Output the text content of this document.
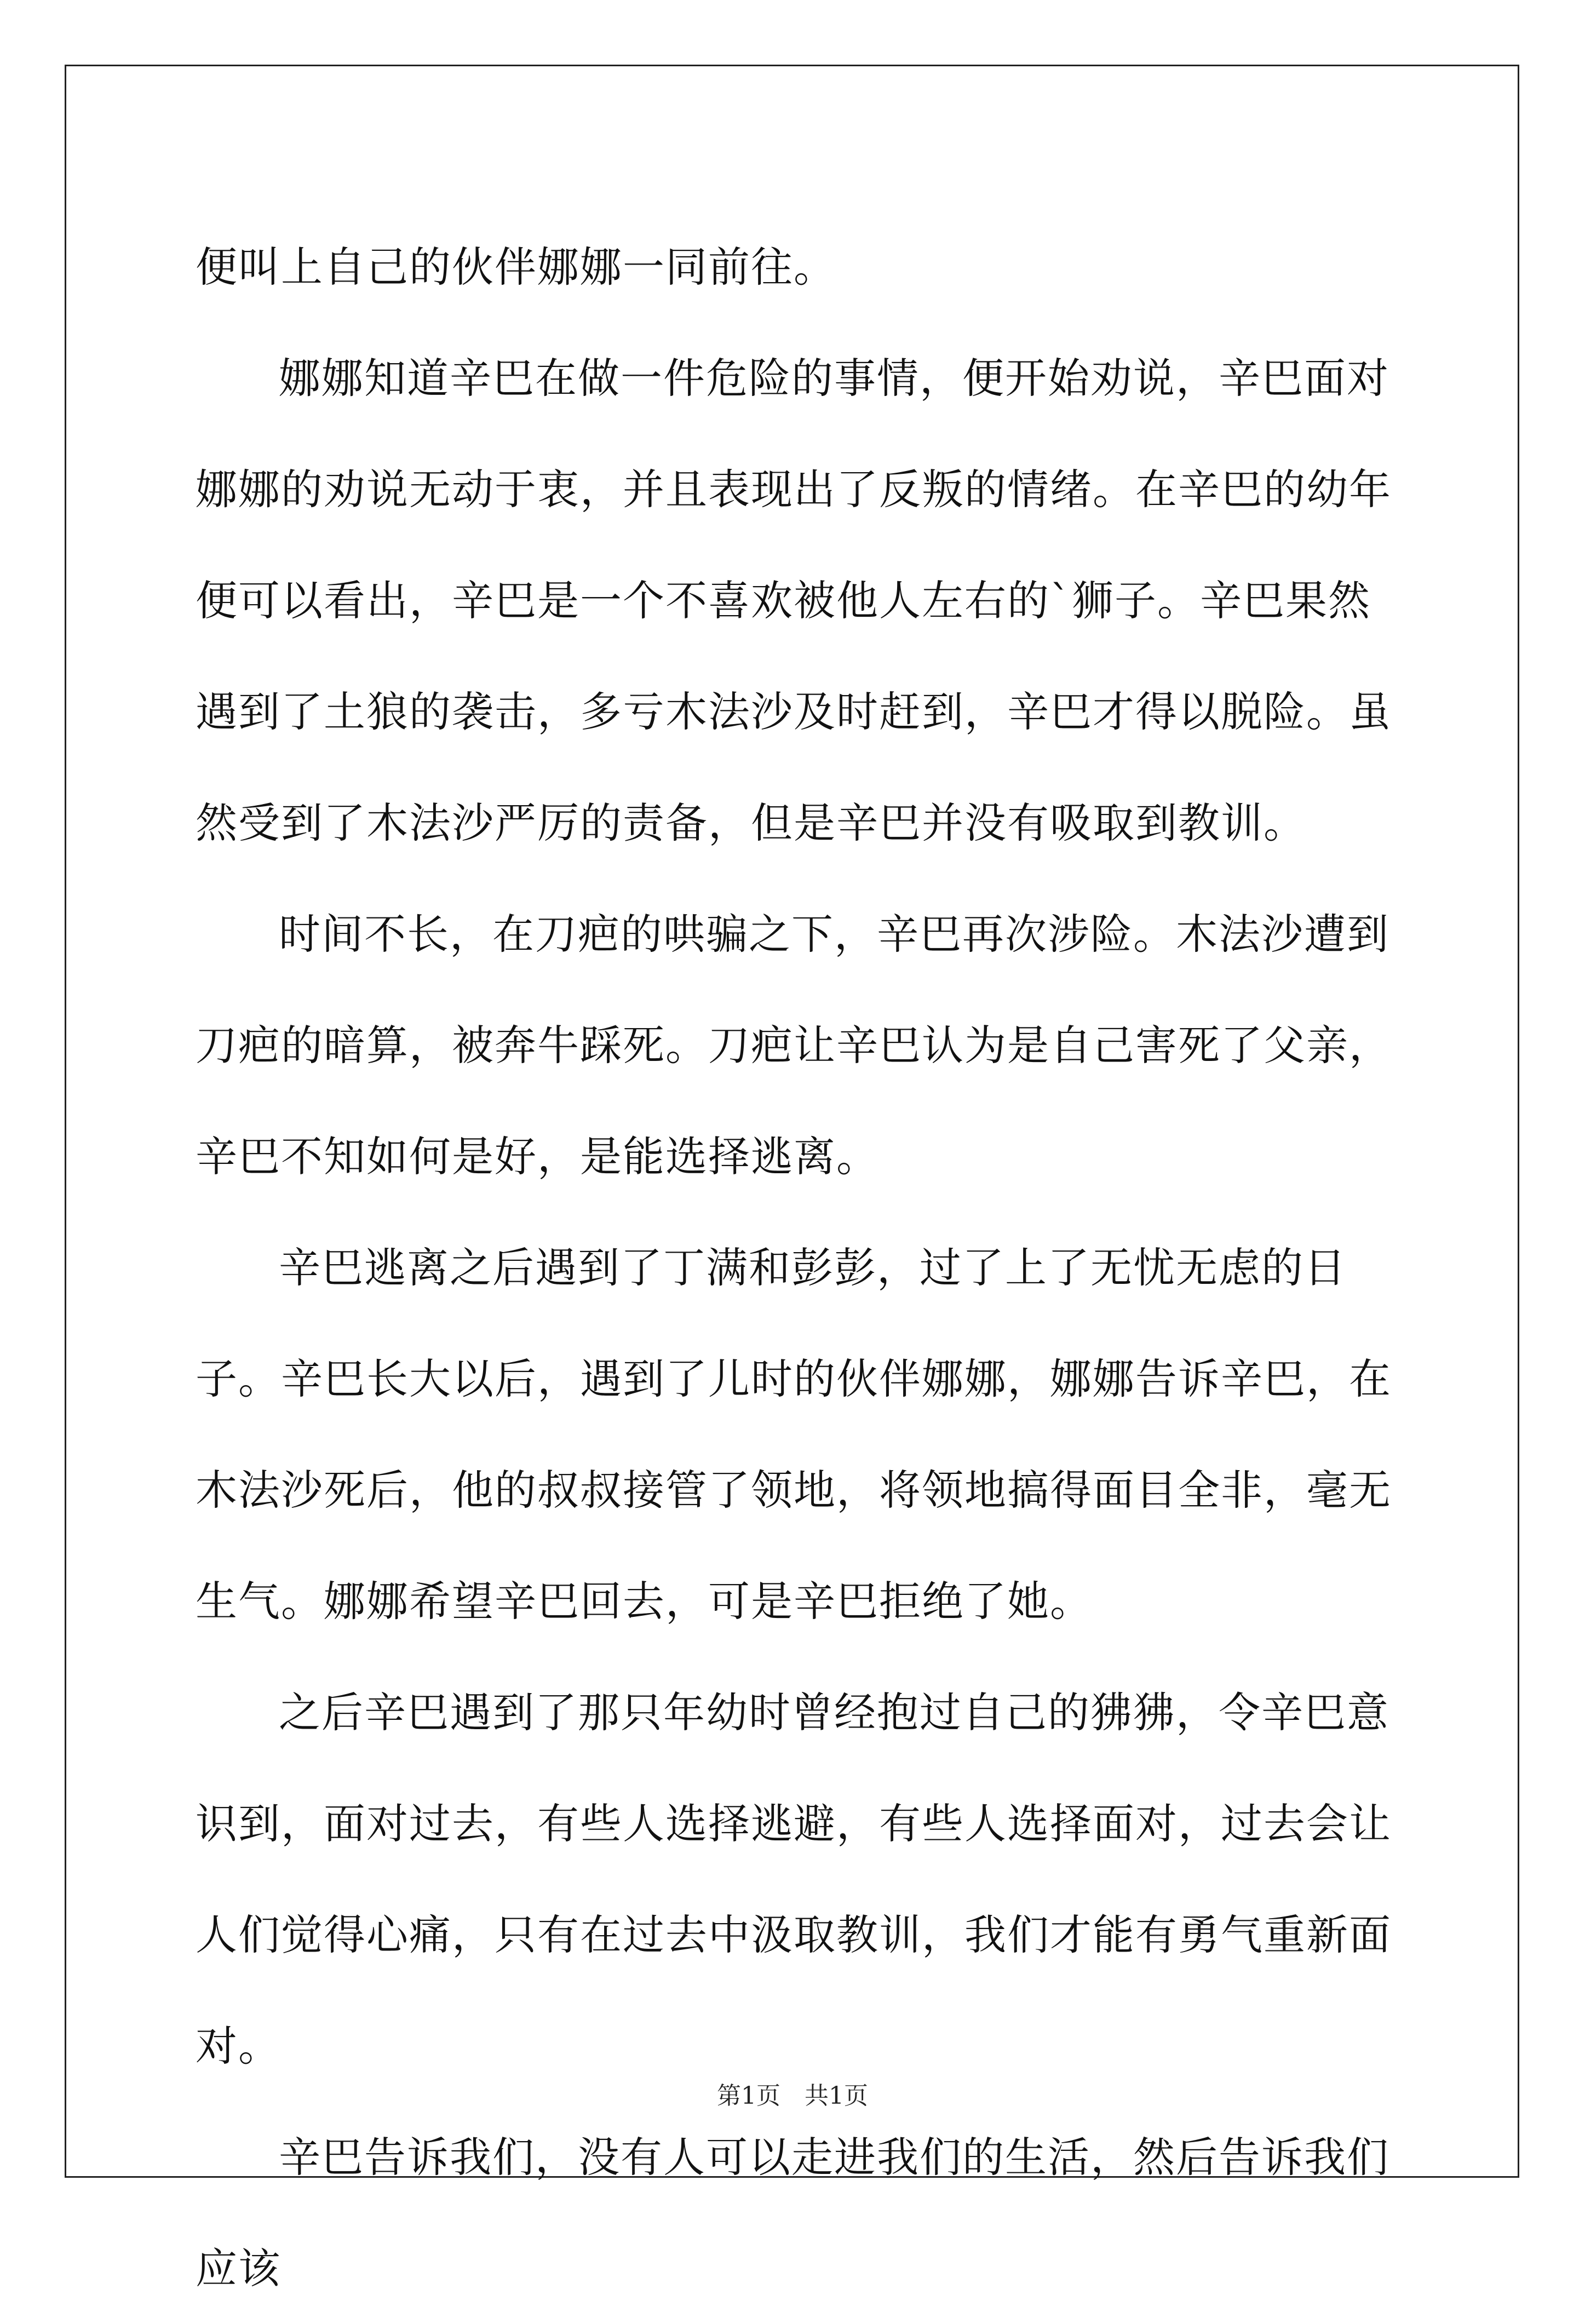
便叫上自己的伙伴娜娜一同前往。

娜娜知道辛巴在做一件危险的事情，便开始劝说，辛巴面对娜娜的劝说无动于衷，并且表现出了反叛的情绪。在辛巴的幼年便可以看出，辛巴是一个不喜欢被他人左右的`狮子。辛巴果然遇到了土狼的袭击，多亏木法沙及时赶到，辛巴才得以脱险。虽然受到了木法沙严厉的责备，但是辛巴并没有吸取到教训。

时间不长，在刀疤的哄骗之下，辛巴再次涉险。木法沙遭到刀疤的暗算，被奔牛踩死。刀疤让辛巴认为是自己害死了父亲，辛巴不知如何是好，是能选择逃离。

辛巴逃离之后遇到了丁满和彭彭，过了上了无忧无虑的日子。辛巴长大以后，遇到了儿时的伙伴娜娜，娜娜告诉辛巴，在木法沙死后，他的叔叔接管了领地，将领地搞得面目全非，毫无生气。娜娜希望辛巴回去，可是辛巴拒绝了她。

之后辛巴遇到了那只年幼时曾经抱过自己的狒狒，令辛巴意识到，面对过去，有些人选择逃避，有些人选择面对，过去会让人们觉得心痛，只有在过去中汲取教训，我们才能有勇气重新面对。

辛巴告诉我们，没有人可以走进我们的生活，然后告诉我们应该

第1页　共1页
